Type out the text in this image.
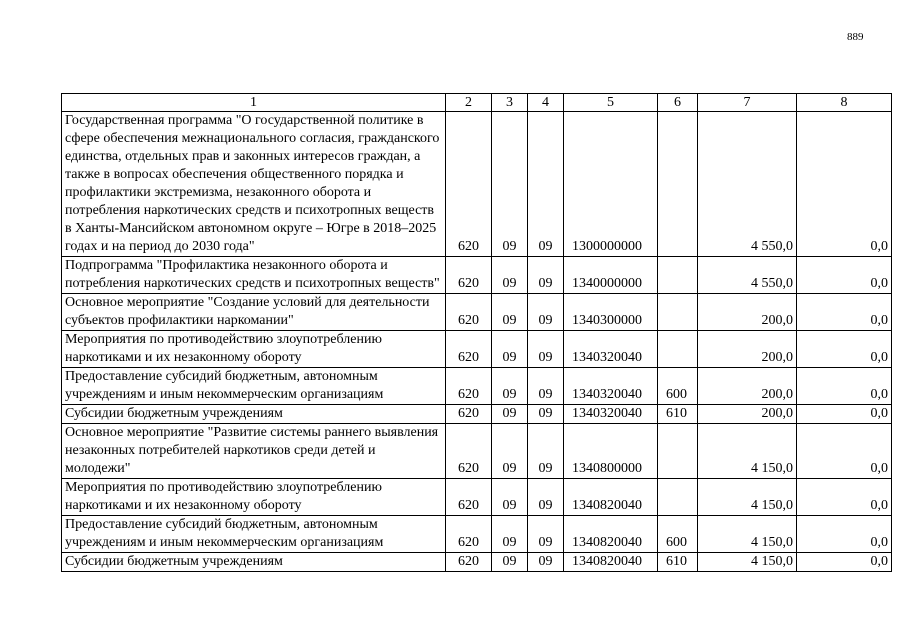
889
1	2	3	4	5	6	7	8
Государственная программа "О государственной политике в сфере обеспечения межнационального согласия, гражданского единства, отдельных прав и законных интересов граждан, а также в вопросах обеспечения общественного порядка и профилактики экстремизма, незаконного оборота и потребления наркотических средств и психотропных веществ в Ханты-Мансийском автономном округе – Югре в 2018–2025 годах и на период до 2030 года"	620	09	09	1300000000		4 550,0	0,0
Подпрограмма "Профилактика незаконного оборота и потребления наркотических средств и психотропных веществ"	620	09	09	1340000000		4 550,0	0,0
Основное мероприятие "Создание условий для деятельности субъектов профилактики наркомании"	620	09	09	1340300000		200,0	0,0
Мероприятия по противодействию злоупотреблению наркотиками и их незаконному обороту	620	09	09	1340320040		200,0	0,0
Предоставление субсидий бюджетным, автономным учреждениям и иным некоммерческим организациям	620	09	09	1340320040	600	200,0	0,0
Субсидии бюджетным учреждениям	620	09	09	1340320040	610	200,0	0,0
Основное мероприятие "Развитие системы раннего выявления незаконных потребителей наркотиков среди детей и молодежи"	620	09	09	1340800000		4 150,0	0,0
Мероприятия по противодействию злоупотреблению наркотиками и их незаконному обороту	620	09	09	1340820040		4 150,0	0,0
Предоставление субсидий бюджетным, автономным учреждениям и иным некоммерческим организациям	620	09	09	1340820040	600	4 150,0	0,0
Субсидии бюджетным учреждениям	620	09	09	1340820040	610	4 150,0	0,0
